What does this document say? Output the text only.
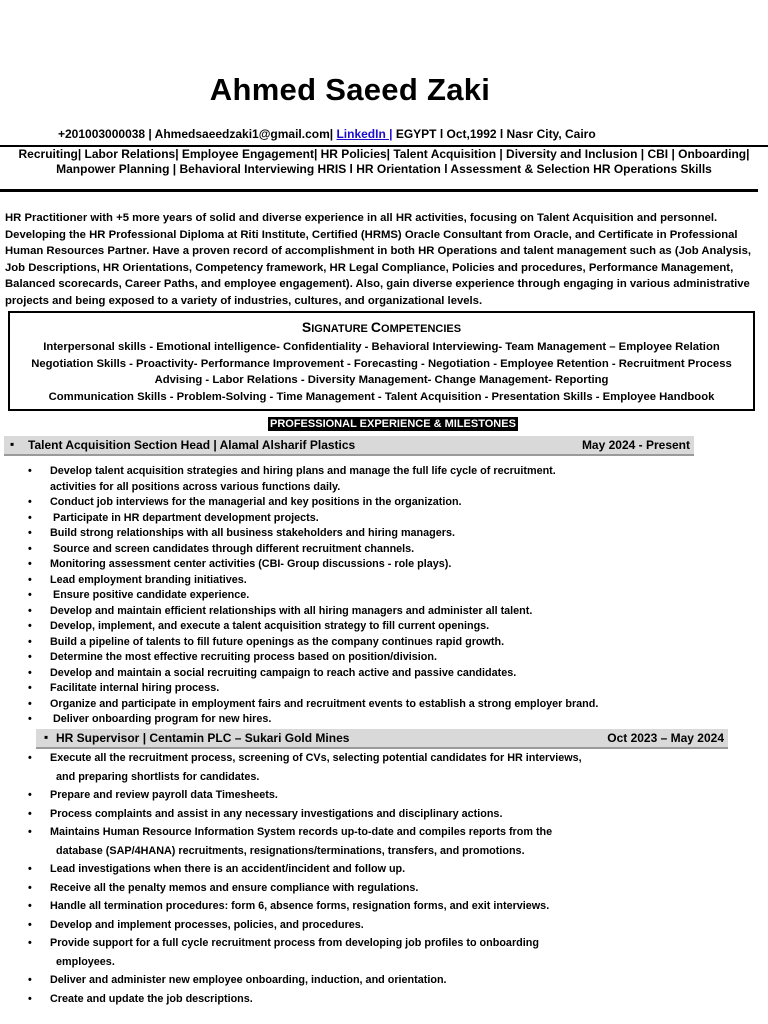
Ahmed Saeed Zaki
+201003000038 | Ahmedsaeedzaki1@gmail.com| LinkedIn | EGYPT l Oct,1992 l Nasr City, Cairo
Recruiting| Labor Relations| Employee Engagement| HR Policies| Talent Acquisition | Diversity and Inclusion | CBI | Onboarding|
Manpower Planning | Behavioral Interviewing HRIS l HR Orientation l Assessment & Selection HR Operations Skills
HR Practitioner with +5 more years of solid and diverse experience in all HR activities, focusing on Talent Acquisition and personnel. Developing the HR Professional Diploma at Riti Institute, Certified (HRMS) Oracle Consultant from Oracle, and Certificate in Professional Human Resources Partner. Have a proven record of accomplishment in both HR Operations and talent management such as (Job Analysis, Job Descriptions, HR Orientations, Competency framework, HR Legal Compliance, Policies and procedures, Performance Management, Balanced scorecards, Career Paths, and employee engagement). Also, gain diverse experience through engaging in various administrative projects and being exposed to a variety of industries, cultures, and organizational levels.
SIGNATURE COMPETENCIES
Interpersonal skills - Emotional intelligence- Confidentiality - Behavioral Interviewing- Team Management – Employee Relation
Negotiation Skills - Proactivity- Performance Improvement - Forecasting - Negotiation - Employee Retention - Recruitment Process
Advising - Labor Relations - Diversity Management- Change Management- Reporting
Communication Skills - Problem-Solving - Time Management - Talent Acquisition - Presentation Skills - Employee Handbook
PROFESSIONAL EXPERIENCE & MILESTONES
▪ Talent Acquisition Section Head | Alamal Alsharif Plastics	May 2024 - Present
• Develop talent acquisition strategies and hiring plans and manage the full life cycle of recruitment.
activities for all positions across various functions daily.
• Conduct job interviews for the managerial and key positions in the organization.
• Participate in HR department development projects.
• Build strong relationships with all business stakeholders and hiring managers.
• Source and screen candidates through different recruitment channels.
• Monitoring assessment center activities (CBI- Group discussions - role plays).
• Lead employment branding initiatives.
• Ensure positive candidate experience.
• Develop and maintain efficient relationships with all hiring managers and administer all talent.
• Develop, implement, and execute a talent acquisition strategy to fill current openings.
• Build a pipeline of talents to fill future openings as the company continues rapid growth.
• Determine the most effective recruiting process based on position/division.
• Develop and maintain a social recruiting campaign to reach active and passive candidates.
• Facilitate internal hiring process.
• Organize and participate in employment fairs and recruitment events to establish a strong employer brand.
• Deliver onboarding program for new hires.
▪ HR Supervisor | Centamin PLC – Sukari Gold Mines	Oct 2023 – May 2024
• Execute all the recruitment process, screening of CVs, selecting potential candidates for HR interviews,
and preparing shortlists for candidates.
• Prepare and review payroll data Timesheets.
• Process complaints and assist in any necessary investigations and disciplinary actions.
• Maintains Human Resource Information System records up-to-date and compiles reports from the
database (SAP/4HANA) recruitments, resignations/terminations, transfers, and promotions.
• Lead investigations when there is an accident/incident and follow up.
• Receive all the penalty memos and ensure compliance with regulations.
• Handle all termination procedures: form 6, absence forms, resignation forms, and exit interviews.
• Develop and implement processes, policies, and procedures.
• Provide support for a full cycle recruitment process from developing job profiles to onboarding
employees.
• Deliver and administer new employee onboarding, induction, and orientation.
• Create and update the job descriptions.
